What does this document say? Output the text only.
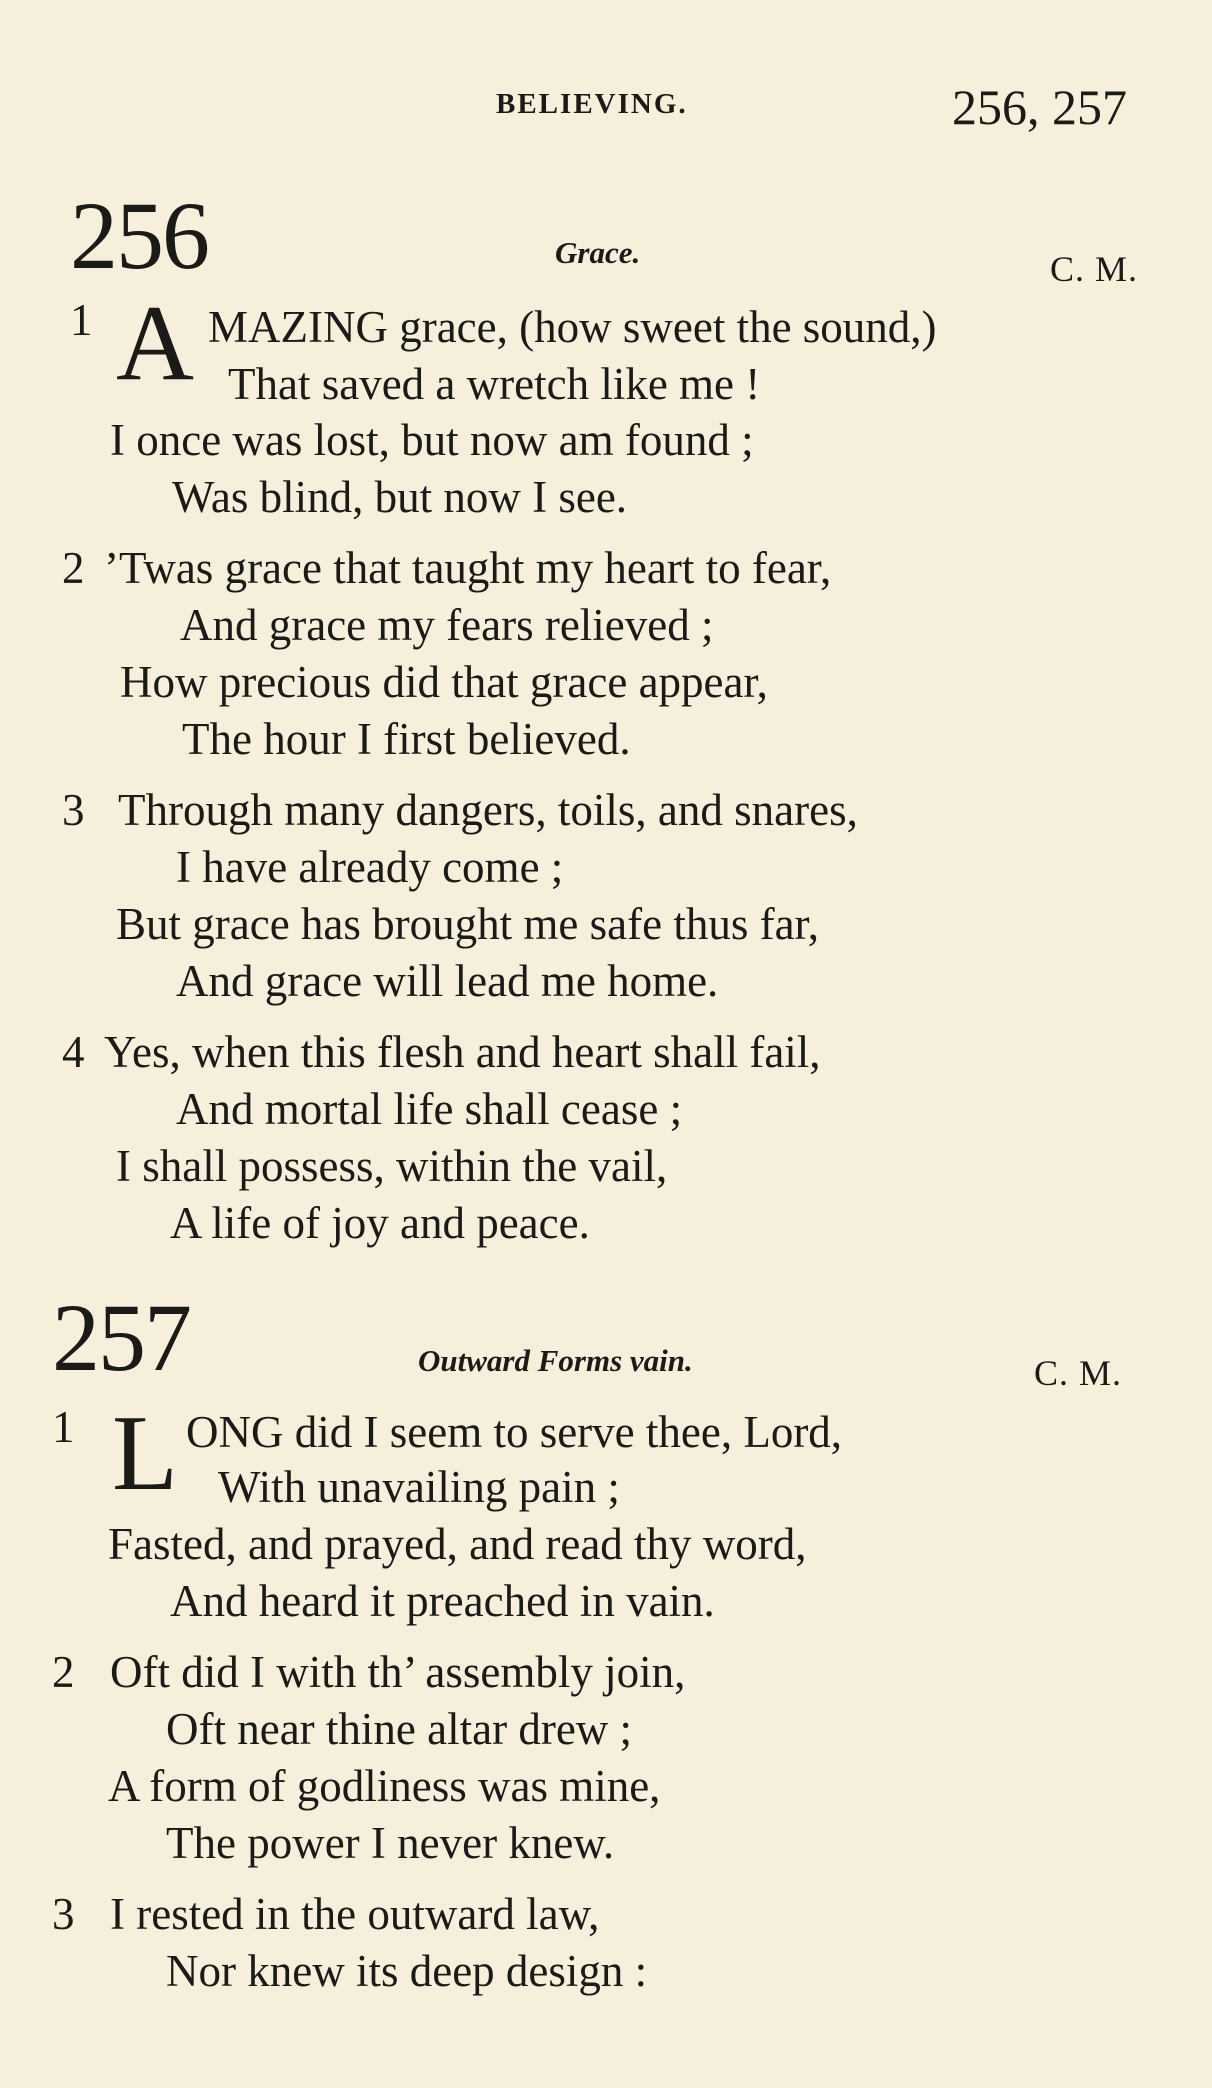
BELIEVING.	256, 257
256	Grace.	C. M.
1 A MAZING grace, (how sweet the sound,)
That saved a wretch like me !
I once was lost, but now am found ;
Was blind, but now I see.
2 ’Twas grace that taught my heart to fear,
And grace my fears relieved ;
How precious did that grace appear,
The hour I first believed.
3 Through many dangers, toils, and snares,
I have already come ;
But grace has brought me safe thus far,
And grace will lead me home.
4 Yes, when this flesh and heart shall fail,
And mortal life shall cease ;
I shall possess, within the vail,
A life of joy and peace.
257	Outward Forms vain.	C. M.
1 L ONG did I seem to serve thee, Lord,
With unavailing pain ;
Fasted, and prayed, and read thy word,
And heard it preached in vain.
2 Oft did I with th’ assembly join,
Oft near thine altar drew ;
A form of godliness was mine,
The power I never knew.
3 I rested in the outward law,
Nor knew its deep design :
